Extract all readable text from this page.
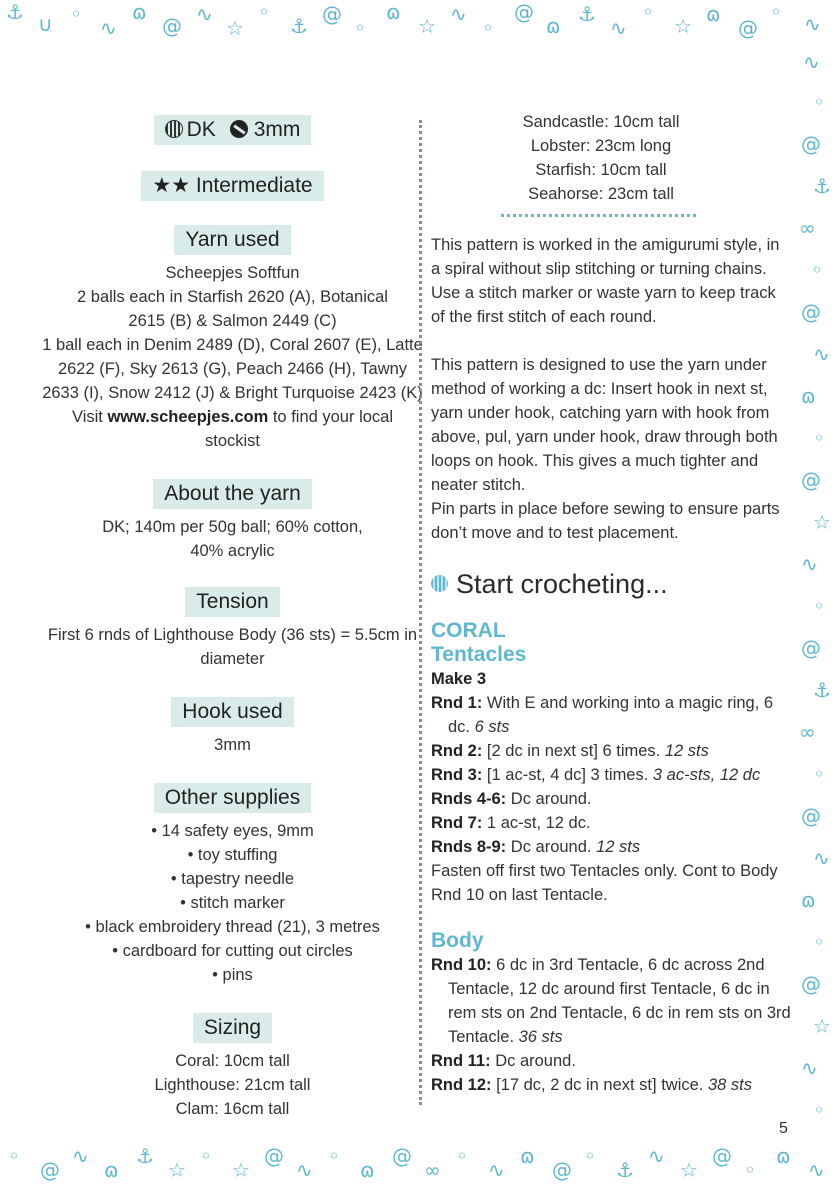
⚓ ∪ ◦
∿
ɷ
@ ∿
☆
◦
⚓ @
◦
ɷ
☆ ∿
◦
@
ɷ ⚓
∿
◦
☆ ɷ
@
◦ ∿
∿
◦
@
⚓
∞
◦
@
∿
ɷ
◦
@
☆
∿
◦
@
⚓
∞
◦
@
∿
ɷ
◦
@
☆
∿
◦
◦
@
∿
ɷ
⚓
☆
◦
☆
@
∿
◦
ɷ
@
∞
◦
∿
ɷ
@
◦
⚓
∿
☆
@
◦
ɷ
∿
DK 3mm
★★ Intermediate
Yarn used
Scheepjes Softfun
2 balls each in Starfish 2620 (A), Botanical 2615 (B) & Salmon 2449 (C)
1 ball each in Denim 2489 (D), Coral 2607 (E), Latte 2622 (F), Sky 2613 (G), Peach 2466 (H), Tawny 2633 (I), Snow 2412 (J) & Bright Turquoise 2423 (K)
Visit www.scheepjes.com to find your local stockist
About the yarn
DK; 140m per 50g ball; 60% cotton, 40% acrylic
Tension
First 6 rnds of Lighthouse Body (36 sts) = 5.5cm in diameter
Hook used
3mm
Other supplies
• 14 safety eyes, 9mm
• toy stuffing
• tapestry needle
• stitch marker
• black embroidery thread (21), 3 metres
• cardboard for cutting out circles
• pins
Sizing
Coral: 10cm tall
Lighthouse: 21cm tall
Clam: 16cm tall
Sandcastle: 10cm tall
Lobster: 23cm long
Starfish: 10cm tall
Seahorse: 23cm tall

This pattern is worked in the amigurumi style, in a spiral without slip stitching or turning chains. Use a stitch marker or waste yarn to keep track of the first stitch of each round.

This pattern is designed to use the yarn under method of working a dc: Insert hook in next st, yarn under hook, catching yarn with hook from above, pul, yarn under hook, draw through both loops on hook. This gives a much tighter and neater stitch.

Pin parts in place before sewing to ensure parts don’t move and to test placement.

Start crocheting...
CORAL
Tentacles
Make 3
Rnd 1: With E and working into a magic ring, 6 dc. 6 sts
Rnd 2: [2 dc in next st] 6 times. 12 sts
Rnd 3: [1 ac-st, 4 dc] 3 times. 3 ac-sts, 12 dc
Rnds 4-6: Dc around.
Rnd 7: 1 ac-st, 12 dc.
Rnds 8-9: Dc around. 12 sts
Fasten off first two Tentacles only. Cont to Body Rnd 10 on last Tentacle.
Body
Rnd 10: 6 dc in 3rd Tentacle, 6 dc across 2nd Tentacle, 12 dc around first Tentacle, 6 dc in rem sts on 2nd Tentacle, 6 dc in rem sts on 3rd Tentacle. 36 sts
Rnd 11: Dc around.
Rnd 12: [17 dc, 2 dc in next st] twice. 38 sts
5
